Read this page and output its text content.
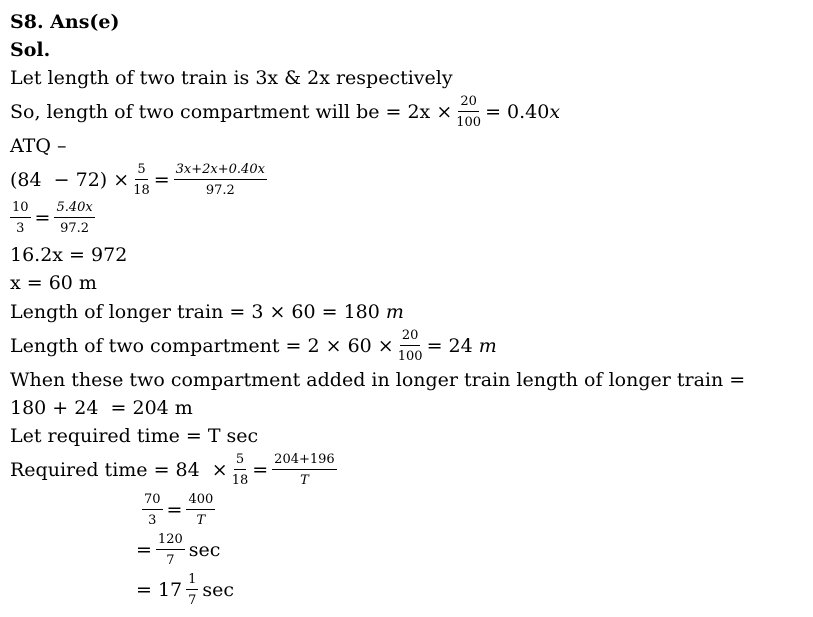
S8. Ans(e)
Sol.
Let length of two train is 3x & 2x respectively
So, length of two compartment will be = $2x \times \frac{20}{100} = 0.40$ x
ATQ –
$(84 - 72) \times \frac{5}{18} = \frac{3x+2x+0.40x}{97.2}$
$\frac{10}{3} = \frac{5.40x}{97.2}$
16.2x = 972
x = 60 m
Length of longer train = 3 × 60 = 180 m
Length of two compartment = $2 \times 60 \times \frac{20}{100} = 24$ m
When these two compartment added in longer train length of longer train =
180 + 24  = 204 m
Let required time = T sec
Required time = $84 \times \frac{5}{18} = \frac{204+196}{T}$
$\frac{70}{3} = \frac{400}{T}$
= $\frac{120}{7}$ sec
= $17 \frac{1}{7}$ sec
